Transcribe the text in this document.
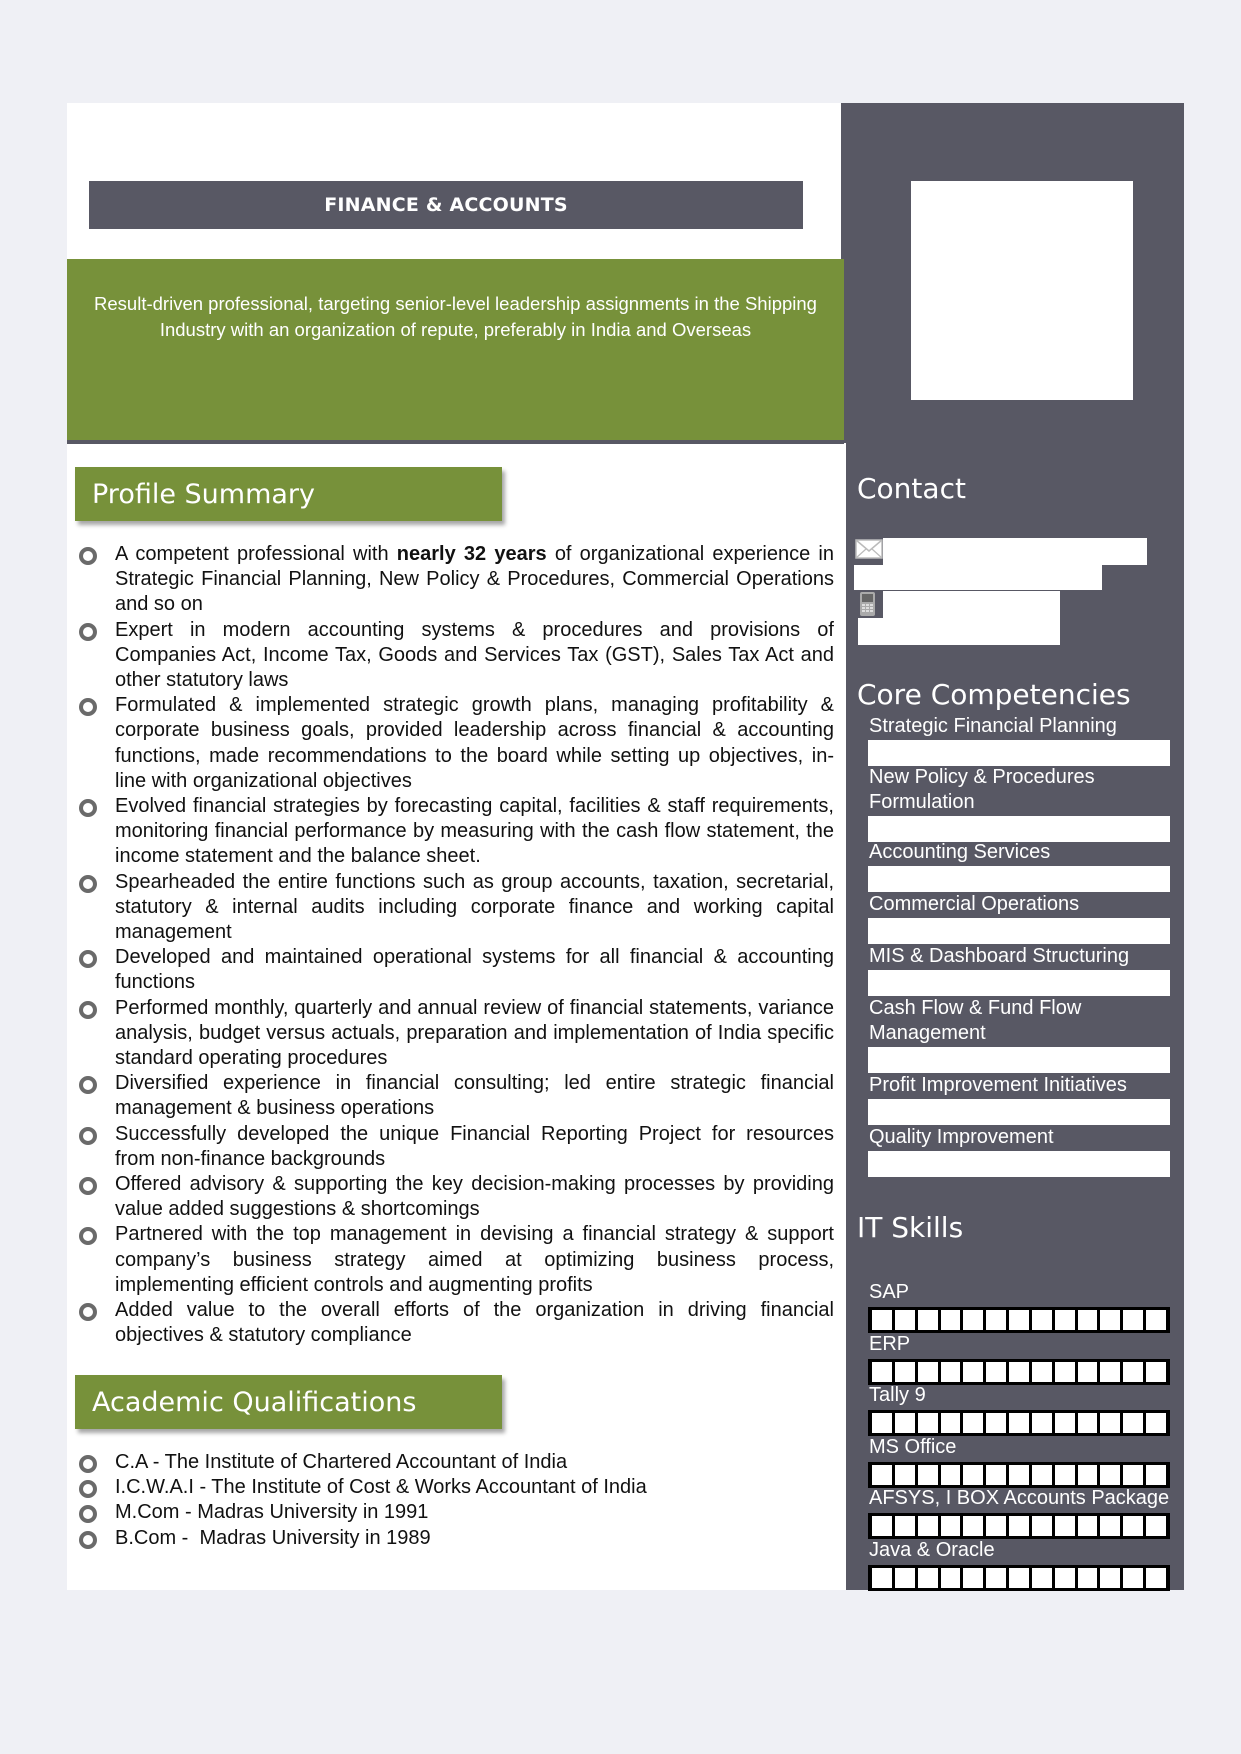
FINANCE & ACCOUNTS
Result-driven professional, targeting senior-level leadership assignments in the Shipping Industry with an organization of repute, preferably in India and Overseas
Profile Summary
A competent professional with nearly 32 years of organizational experience in Strategic Financial Planning, New Policy & Procedures, Commercial Operations and so on
Expert in modern accounting systems & procedures and provisions of Companies Act, Income Tax, Goods and Services Tax (GST), Sales Tax Act and other statutory laws
Formulated & implemented strategic growth plans, managing profitability & corporate business goals, provided leadership across financial & accounting functions, made recommendations to the board while setting up objectives, in-line with organizational objectives
Evolved financial strategies by forecasting capital, facilities & staff requirements, monitoring financial performance by measuring with the cash flow statement, the income statement and the balance sheet.
Spearheaded the entire functions such as group accounts, taxation, secretarial, statutory & internal audits including corporate finance and working capital management
Developed and maintained operational systems for all financial & accounting functions
Performed monthly, quarterly and annual review of financial statements, variance analysis, budget versus actuals, preparation and implementation of India specific standard operating procedures
Diversified experience in financial consulting; led entire strategic financial management & business operations
Successfully developed the unique Financial Reporting Project for resources from non-finance backgrounds
Offered advisory & supporting the key decision-making processes by providing value added suggestions & shortcomings
Partnered with the top management in devising a financial strategy & support company’s business strategy aimed at optimizing business process, implementing efficient controls and augmenting profits
Added value to the overall efforts of the organization in driving financial objectives & statutory compliance
Academic Qualifications
C.A - The Institute of Chartered Accountant of India
I.C.W.A.I - The Institute of Cost & Works Accountant of India
M.Com - Madras University in 1991
B.Com -  Madras University in 1989
Contact
Core Competencies
Strategic Financial Planning
New Policy & Procedures Formulation
Accounting Services
Commercial Operations
MIS & Dashboard Structuring
Cash Flow & Fund Flow Management
Profit Improvement Initiatives
Quality Improvement
IT Skills
SAP
ERP
Tally 9
MS Office
AFSYS, I BOX Accounts Package
Java & Oracle
